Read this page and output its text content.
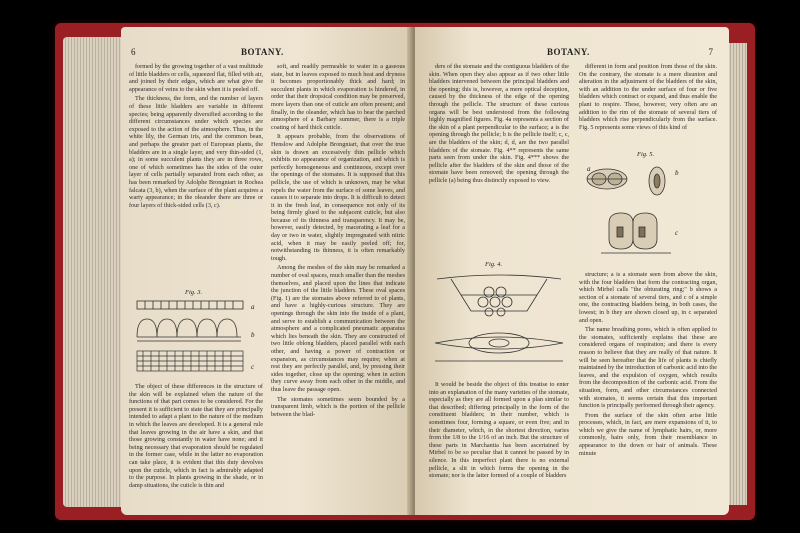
6	BOTANY.

formed by the growing together of a vast multitude of little bladders or cells, squeezed flat, filled with air, and joined by their edges, which are what give the appearance of veins to the skin when it is peeled off.

The thickness, the form, and the number of layers of these little bladders are variable in different species; being apparently diversified according to the different circumstances under which species are exposed to the action of the atmosphere. Thus, in the white lily, the German iris, and the common bean, and perhaps the greater part of European plants, the bladders are in a single layer, and very thin-sided (1, a); in some succulent plants they are in three rows, one of which sometimes has the sides of the outer layer of cells partially separated from each other, as has been remarked by Adolphe Brongniart in Rochea falcata (3, b), when the surface of the plant acquires a warty appearance; in the oleander there are three or four layers of thick-sided cells (3, c).

Fig. 3.
a
b
c

The object of these differences in the structure of the skin will be explained when the nature of the functions of that part comes to be considered. For the present it is sufficient to state that they are principally intended to adapt a plant to the nature of the medium in which the leaves are developed. It is a general rule that leaves growing in the air have a skin, and that those growing constantly in water have none; and it being necessary that evaporation should be regulated in the former case, while in the latter no evaporation can take place, it is evident that this duty devolves upon the cuticle, which in fact is admirably adapted to the purpose. In plants growing in the shade, or in damp situations, the cuticle is thin and

soft, and readily permeable to water in a gaseous state, but in leaves exposed to much heat and dryness it becomes proportionably thick and hard; in succulent plants in which evaporation is hindered, in order that their dropsical condition may be preserved, more layers than one of cuticle are often present; and finally, in the oleander, which has to bear the parched atmosphere of a Barbary summer, there is a triple coating of hard thick cuticle.

It appears probable, from the observations of Henslow and Adolphe Brongniart, that over the true skin is drawn an excessively thin pellicle which exhibits no appearance of organization, and which is perfectly homogeneous and continuous, except over the openings of the stomates. It is supposed that this pellicle, the use of which is unknown, may be what repels the water from the surface of some leaves, and causes it to separate into drops. It is difficult to detect it in the fresh leaf, in consequence not only of its being firmly glued to the subjacent cuticle, but also because of its thinness and transparency. It may be, however, easily detected, by macerating a leaf for a day or two in water, slightly impregnated with nitric acid, when it may be easily peeled off; for, notwithstanding its thinness, it is often remarkably tough.

Among the meshes of the skin may be remarked a number of oval spaces, much smaller than the meshes themselves, and placed upon the lines that indicate the junction of the little bladders. These oval spaces (Fig. 1) are the stomates above referred to of plants, and have a highly-curious structure. They are openings through the skin into the inside of a plant, and serve to establish a communication between the atmosphere and a complicated pneumatic apparatus which lies beneath the skin. They are constructed of two little oblong bladders, placed parallel with each other, and having a power of contraction or expansion, as circumstances may require; when at rest they are perfectly parallel, and, by pressing their sides together, close up the opening; when in action they curve away from each other in the middle, and thus leave the passage open.

The stomates sometimes seem bounded by a transparent limb, which is the portion of the pellicle between the blad-

BOTANY.	7

ders of the stomate and the contiguous bladders of the skin. When open they also appear as if two other little bladders intervened between the principal bladders and the opening; this is, however, a mere optical deception, caused by the thickness of the edge of the opening through the pellicle. The structure of these curious organs will be best understood from the following highly magnified figures. Fig. 4a represents a section of the skin of a plant perpendicular to the surface; a is the opening through the pellicle; b is the pellicle itself; c, c, are the bladders of the skin; d, d, are the two parallel bladders of the stomate. Fig. 4** represents the same parts seen from under the skin. Fig. 4*** shows the pellicle after the bladders of the skin and those of the stomate have been removed; the opening through the pellicle (a) being thus distinctly exposed to view.

Fig. 4.

It would be beside the object of this treatise to enter into an explanation of the many varieties of the stomate, especially as they are all formed upon a plan similar to that described; differing principally in the form of the constituent bladders; in their number, which is sometimes four, forming a square, or even five; and in their diameter, which, in the shortest direction, varies from the 1/8 to the 1/16 of an inch. But the structure of these parts in Marchantia has been ascertained by Mirbel to be so peculiar that it cannot be passed by in silence. In this imperfect plant there is no external pellicle, a slit in which forms the opening in the stomate; nor is the latter formed of a couple of bladders

different in form and position from those of the skin. On the contrary, the stomate is a mere disunion and alteration in the adjustment of the bladders of the skin, with an addition to the under surface of four or five bladders which contract or expand, and thus enable the plant to respire. These, however, very often are an addition to the rim of the stomate of several tiers of bladders which rise perpendicularly from the surface. Fig. 5 represents some views of this kind of

Fig. 5.
a	b
c

structure; a is a stomate seen from above the skin, with the four bladders that form the contracting organ, which Mirbel calls "the obturating ring;" b shows a section of a stomate of several tiers, and c of a simple one, the contracting bladders being, in both cases, the lowest; in b they are shown closed up, in c separated and open.

The name breathing pores, which is often applied to the stomates, sufficiently explains that these are considered organs of respiration; and there is every reason to believe that they are really of that nature. It will be seen hereafter that the life of plants is chiefly maintained by the introduction of carbonic acid into the leaves, and the expulsion of oxygen, which results from the decomposition of the carbonic acid. From the situation, form, and other circumstances connected with stomates, it seems certain that this important function is principally performed through their agency.

From the surface of the skin often arise little processes, which, in fact, are mere expansions of it, to which we give the name of lymphatic hairs, or, more commonly, hairs only, from their resemblance in appearance to the down or hair of animals. These minute
